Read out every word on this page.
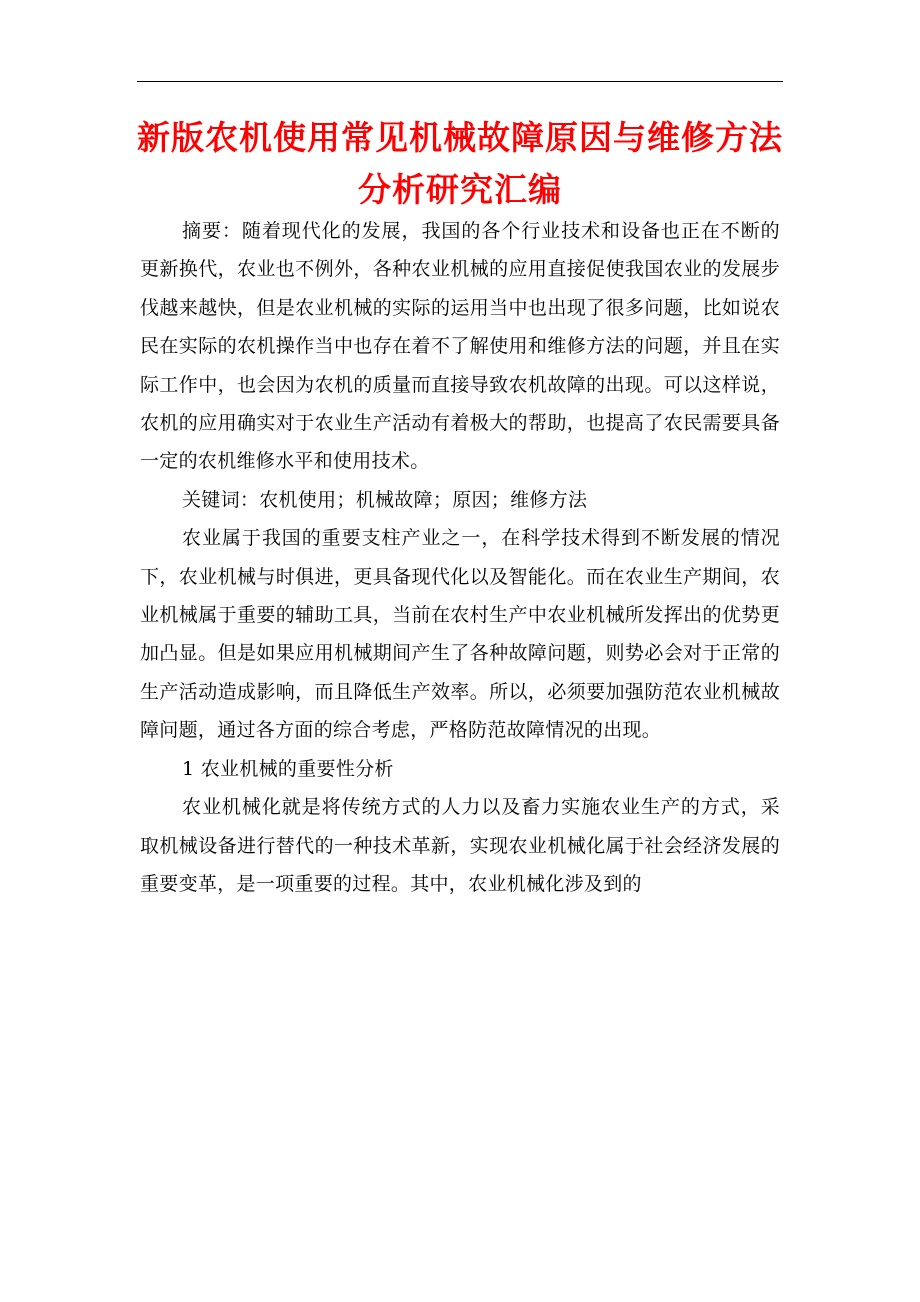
新版农机使用常见机械故障原因与维修方法分析研究汇编

摘要：随着现代化的发展，我国的各个行业技术和设备也正在不断的更新换代，农业也不例外，各种农业机械的应用直接促使我国农业的发展步伐越来越快，但是农业机械的实际的运用当中也出现了很多问题，比如说农民在实际的农机操作当中也存在着不了解使用和维修方法的问题，并且在实际工作中，也会因为农机的质量而直接导致农机故障的出现。可以这样说，农机的应用确实对于农业生产活动有着极大的帮助，也提高了农民需要具备一定的农机维修水平和使用技术。

关键词：农机使用；机械故障；原因；维修方法

农业属于我国的重要支柱产业之一，在科学技术得到不断发展的情况下，农业机械与时俱进，更具备现代化以及智能化。而在农业生产期间，农业机械属于重要的辅助工具，当前在农村生产中农业机械所发挥出的优势更加凸显。但是如果应用机械期间产生了各种故障问题，则势必会对于正常的生产活动造成影响，而且降低生产效率。所以，必须要加强防范农业机械故障问题，通过各方面的综合考虑，严格防范故障情况的出现。

1 农业机械的重要性分析

农业机械化就是将传统方式的人力以及畜力实施农业生产的方式，采取机械设备进行替代的一种技术革新，实现农业机械化属于社会经济发展的重要变革，是一项重要的过程。其中，农业机械化涉及到的
